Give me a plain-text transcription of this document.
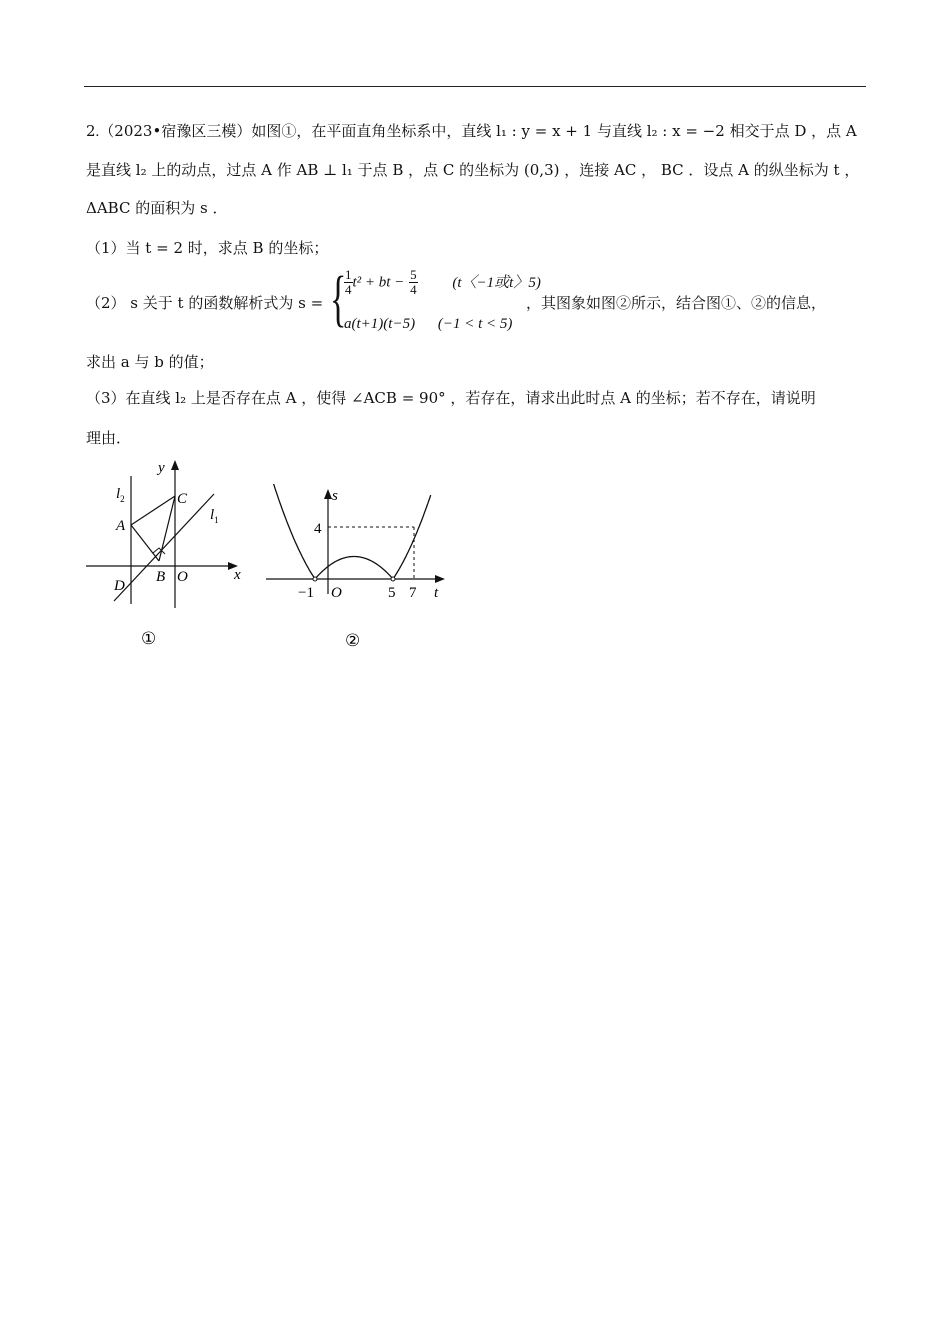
2.（2023•宿豫区三模）如图①，在平面直角坐标系中，直线 l₁ : y = x + 1 与直线 l₂ : x = −2 相交于点 D ，点 A
是直线 l₂ 上的动点，过点 A 作 AB ⊥ l₁ 于点 B ，点 C 的坐标为 (0,3) ，连接 AC ， BC ．设点 A 的纵坐标为 t ，
ΔABC 的面积为 s ．
（1）当 t = 2 时，求点 B 的坐标；
（2） s 关于 t 的函数解析式为 s = {
$\frac{1}{4} t^2$ + bt − $\frac{5}{4} (t$〈−1或t〉5)
a(t+1)(t−5) (−1 < t < 5)
，其图象如图②所示，结合图①、②的信息，
求出 a 与 b 的值；
（3）在直线 l₂ 上是否存在点 A ，使得 ∠ACB = 90° ，若存在，请求出此时点 A 的坐标；若不存在，请说明
理由．
y
x
$l_2$
$l_1$
A
C
B O
D
①
s
4
−1 O	5 7 t
②
